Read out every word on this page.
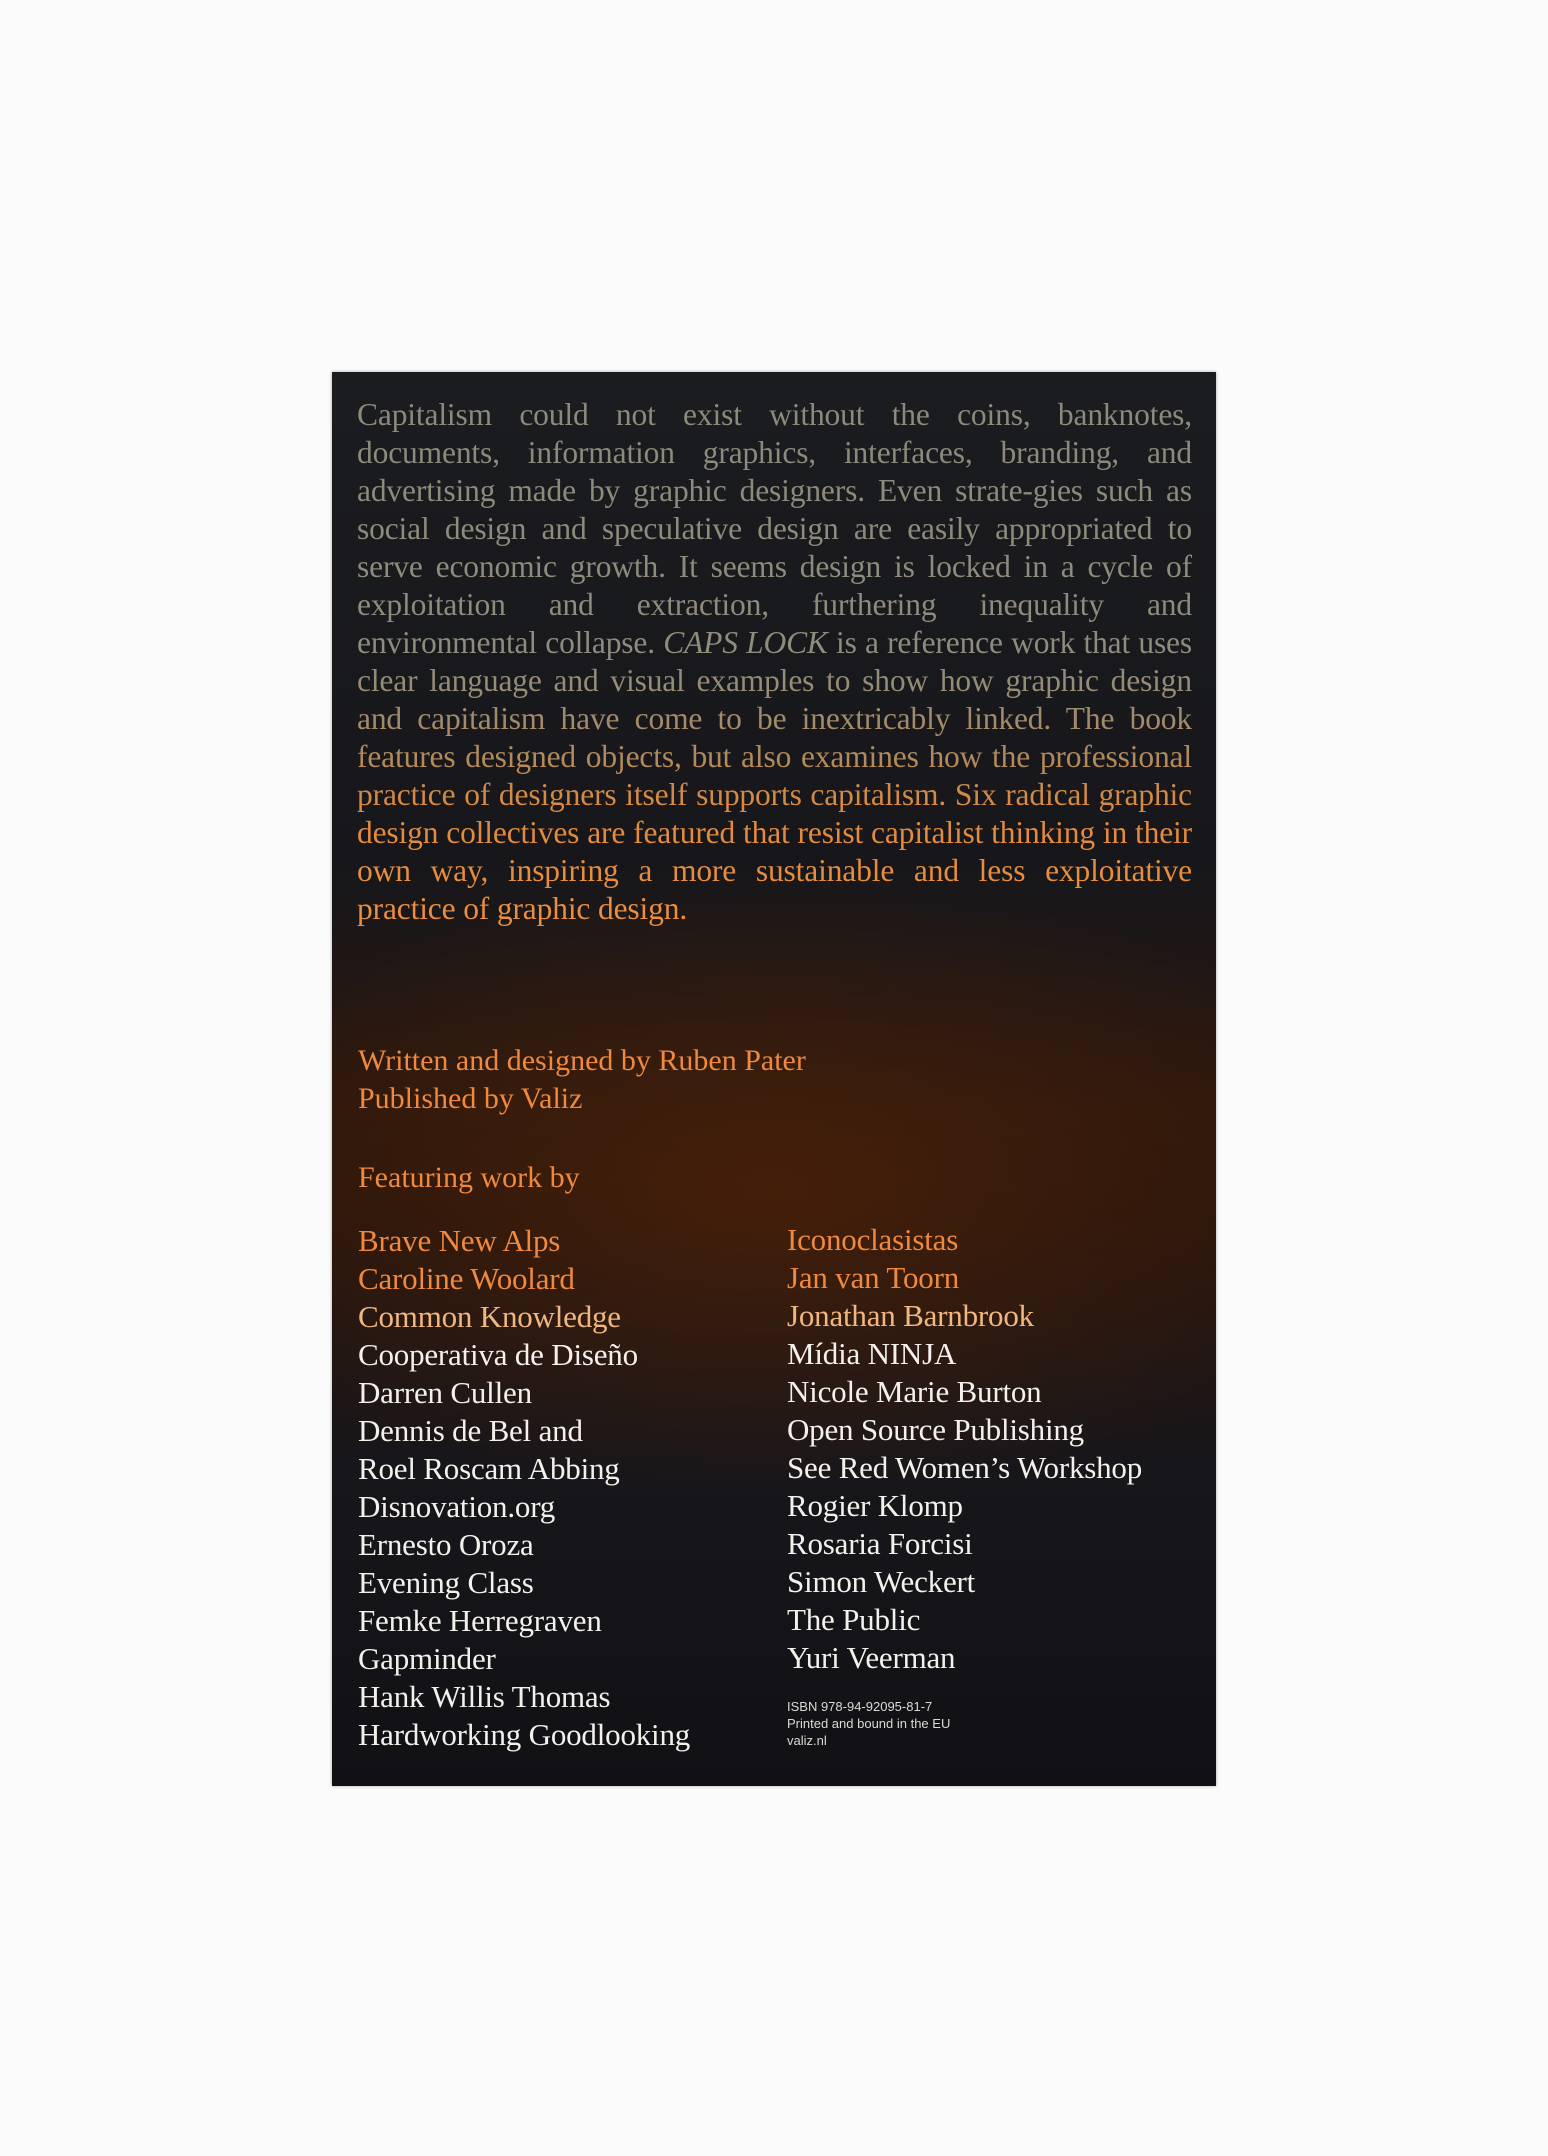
Capitalism could not exist without the coins, banknotes, documents, information graphics, interfaces, branding, and advertising made by graphic designers. Even strate-gies such as social design and speculative design are easily appropriated to serve economic growth. It seems design is locked in a cycle of exploitation and extraction, furthering inequality and environmental collapse. CAPS LOCK is a reference work that uses clear language and visual examples to show how graphic design and capitalism have come to be inextricably linked. The book features designed objects, but also examines how the professional practice of designers itself supports capitalism. Six radical graphic design collectives are featured that resist capitalist thinking in their own way, inspiring a more sustainable and less exploitative practice of graphic design.

Written and designed by Ruben Pater
Published by Valiz
Featuring work by
Brave New Alps
Caroline Woolard
Common Knowledge
Cooperativa de Diseño
Darren Cullen
Dennis de Bel and
Roel Roscam Abbing
Disnovation.org
Ernesto Oroza
Evening Class
Femke Herregraven
Gapminder
Hank Willis Thomas
Hardworking Goodlooking
Iconoclasistas
Jan van Toorn
Jonathan Barnbrook
Mídia NINJA
Nicole Marie Burton
Open Source Publishing
See Red Women’s Workshop
Rogier Klomp
Rosaria Forcisi
Simon Weckert
The Public
Yuri Veerman
ISBN 978-94-92095-81-7
Printed and bound in the EU
valiz.nl
